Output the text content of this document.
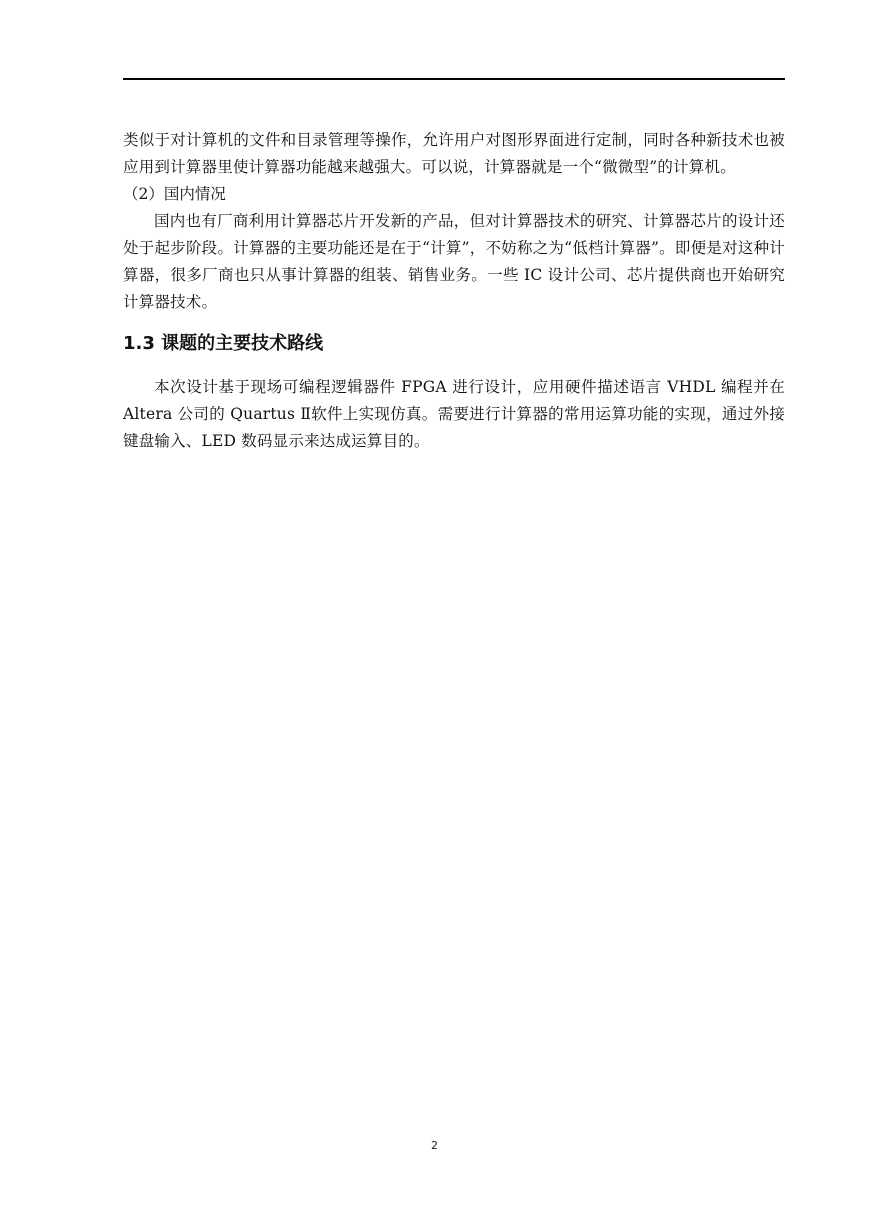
类似于对计算机的文件和目录管理等操作，允许用户对图形界面进行定制，同时各种新技术也被应用到计算器里使计算器功能越来越强大。可以说，计算器就是一个“微微型”的计算机。

（2）国内情况

国内也有厂商利用计算器芯片开发新的产品，但对计算器技术的研究、计算器芯片的设计还处于起步阶段。计算器的主要功能还是在于“计算”，不妨称之为“低档计算器”。即便是对这种计算器，很多厂商也只从事计算器的组装、销售业务。一些 IC 设计公司、芯片提供商也开始研究计算器技术。

1.3 课题的主要技术路线

本次设计基于现场可编程逻辑器件 FPGA 进行设计，应用硬件描述语言 VHDL 编程并在 Altera 公司的 Quartus Ⅱ软件上实现仿真。需要进行计算器的常用运算功能的实现，通过外接键盘输入、LED 数码显示来达成运算目的。

2
